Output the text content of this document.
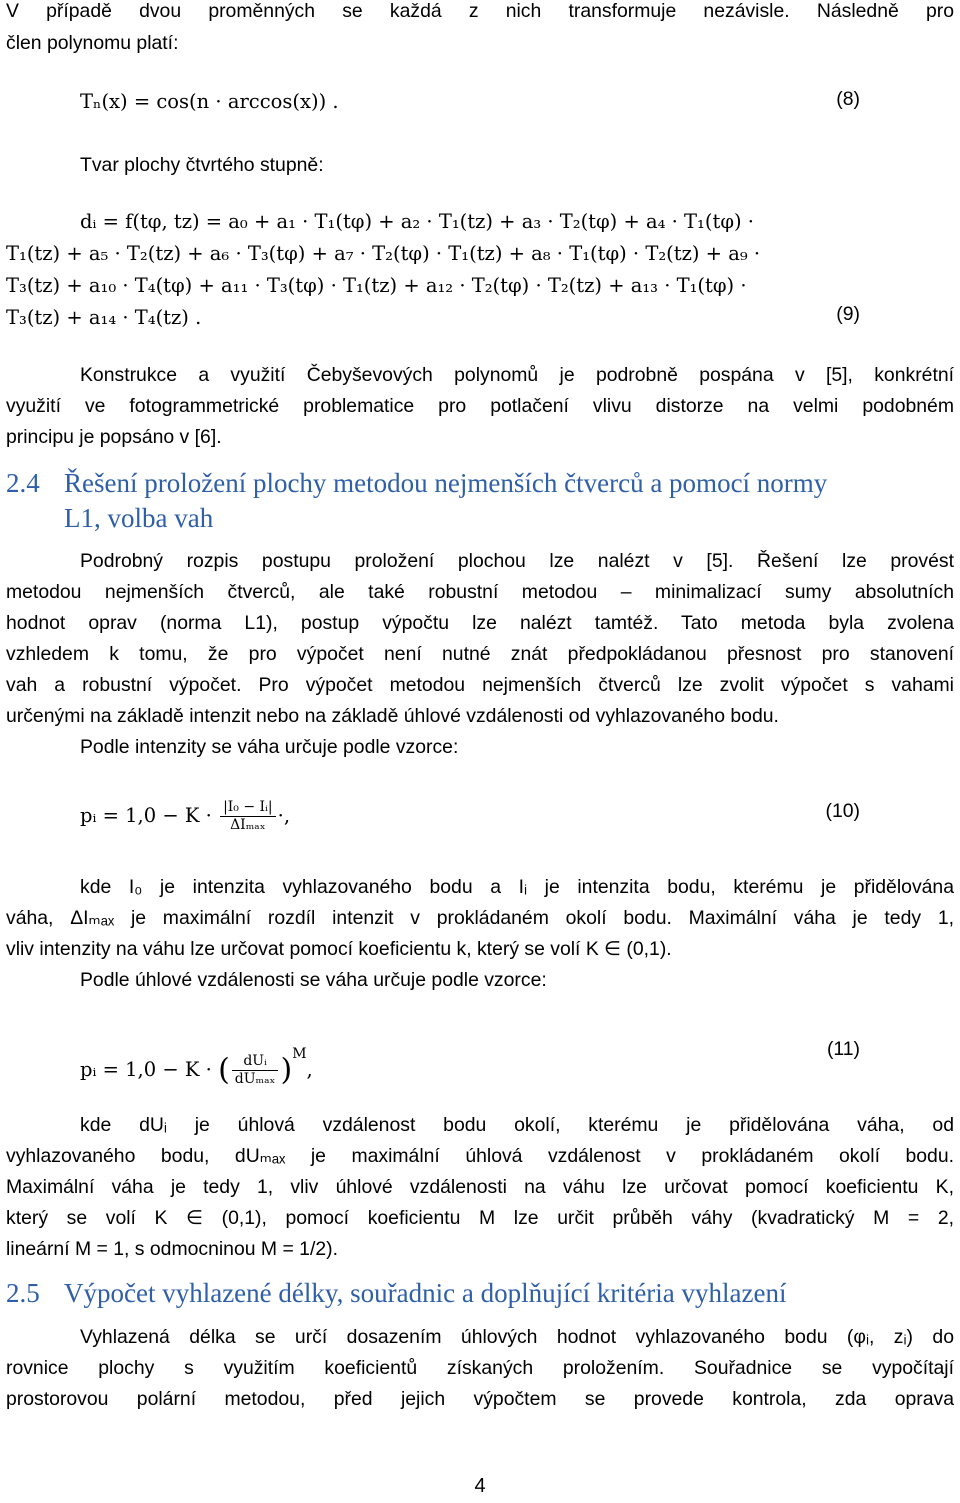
V případě dvou proměnných se každá z nich transformuje nezávisle. Následně pro
člen polynomu platí:
Tₙ(x) = cos(n · arccos(x)) .	(8)
Tvar plochy čtvrtého stupně:
dᵢ = f(tφ, tz) = a₀ + a₁ · T₁(tφ) + a₂ · T₁(tz) + a₃ · T₂(tφ) + a₄ · T₁(tφ) ·
T₁(tz) + a₅ · T₂(tz) + a₆ · T₃(tφ) + a₇ · T₂(tφ) · T₁(tz) + a₈ · T₁(tφ) · T₂(tz) + a₉ ·
T₃(tz) + a₁₀ · T₄(tφ) + a₁₁ · T₃(tφ) · T₁(tz) + a₁₂ · T₂(tφ) · T₂(tz) + a₁₃ · T₁(tφ) ·
T₃(tz) + a₁₄ · T₄(tz) .	(9)
Konstrukce a využití Čebyševových polynomů je podrobně pospána v [5], konkrétní
využití ve fotogrammetrické problematice pro potlačení vlivu distorze na velmi podobném
principu je popsáno v [6].
2.4 Řešení proložení plochy metodou nejmenších čtverců a pomocí normy
L1, volba vah
Podrobný rozpis postupu proložení plochou lze nalézt v [5]. Řešení lze provést
metodou nejmenších čtverců, ale také robustní metodou – minimalizací sumy absolutních
hodnot oprav (norma L1), postup výpočtu lze nalézt tamtéž. Tato metoda byla zvolena
vzhledem k tomu, že pro výpočet není nutné znát předpokládanou přesnost pro stanovení
vah a robustní výpočet. Pro výpočet metodou nejmenších čtverců lze zvolit výpočet s vahami
určenými na základě intenzit nebo na základě úhlové vzdálenosti od vyhlazovaného bodu.
Podle intenzity se váha určuje podle vzorce:
pᵢ = $1,0 - K \cdot \frac{\text{|I₀ − Iᵢ|}}{\text{ΔIₘₐₓ}}$ ·,	(10)
kde I₀ je intenzita vyhlazovaného bodu a Iᵢ je intenzita bodu, kterému je přidělována
váha, ΔIₘₐₓ je maximální rozdíl intenzit v prokládaném okolí bodu. Maximální váha je tedy 1,
vliv intenzity na váhu lze určovat pomocí koeficientu k, který se volí K ∈ (0,1).
Podle úhlové vzdálenosti se váha určuje podle vzorce:
pᵢ = 1,0 − K · ( $\frac{\text{dUᵢ}}{\text{dUₘₐₓ}} )^M$,
(11)
kde dUᵢ je úhlová vzdálenost bodu okolí, kterému je přidělována váha, od
vyhlazovaného bodu, dUₘₐₓ je maximální úhlová vzdálenost v prokládaném okolí bodu.
Maximální váha je tedy 1, vliv úhlové vzdálenosti na váhu lze určovat pomocí koeficientu K,
který se volí K ∈ (0,1), pomocí koeficientu M lze určit průběh váhy (kvadratický M = 2,
lineární M = 1, s odmocninou M = 1/2).
2.5 Výpočet vyhlazené délky, souřadnic a doplňující kritéria vyhlazení
Vyhlazená délka se určí dosazením úhlových hodnot vyhlazovaného bodu (φᵢ, zᵢ) do
rovnice plochy s využitím koeficientů získaných proložením. Souřadnice se vypočítají
prostorovou polární metodou, před jejich výpočtem se provede kontrola, zda oprava
4
